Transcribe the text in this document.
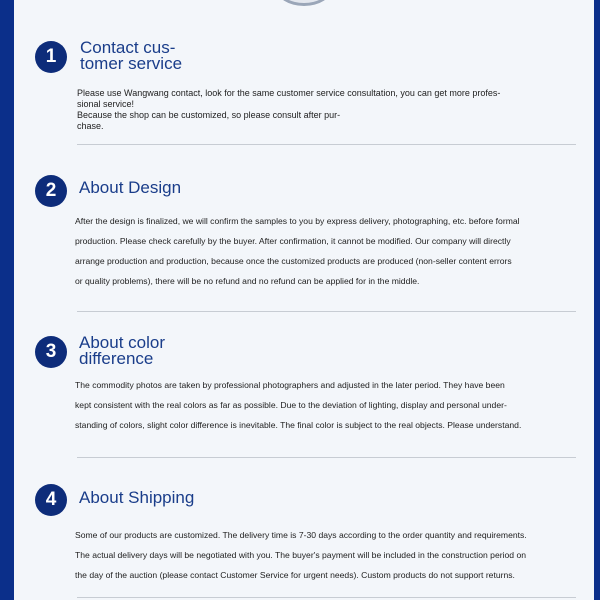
1	Contact cus-
tomer service
Please use Wangwang contact, look for the same customer service consultation, you can get more profes-
sional service!
Because the shop can be customized, so please consult after pur-
chase.
2	About Design
After the design is finalized, we will confirm the samples to you by express delivery, photographing, etc. before formal
production. Please check carefully by the buyer. After confirmation, it cannot be modified. Our company will directly
arrange production and production, because once the customized products are produced (non-seller content errors
or quality problems), there will be no refund and no refund can be applied for in the middle.
3	About color
difference
The commodity photos are taken by professional photographers and adjusted in the later period. They have been
kept consistent with the real colors as far as possible. Due to the deviation of lighting, display and personal under-
standing of colors, slight color difference is inevitable. The final color is subject to the real objects. Please understand.
4	About Shipping
Some of our products are customized. The delivery time is 7-30 days according to the order quantity and requirements.
The actual delivery days will be negotiated with you. The buyer's payment will be included in the construction period on
the day of the auction (please contact Customer Service for urgent needs). Custom products do not support returns.
